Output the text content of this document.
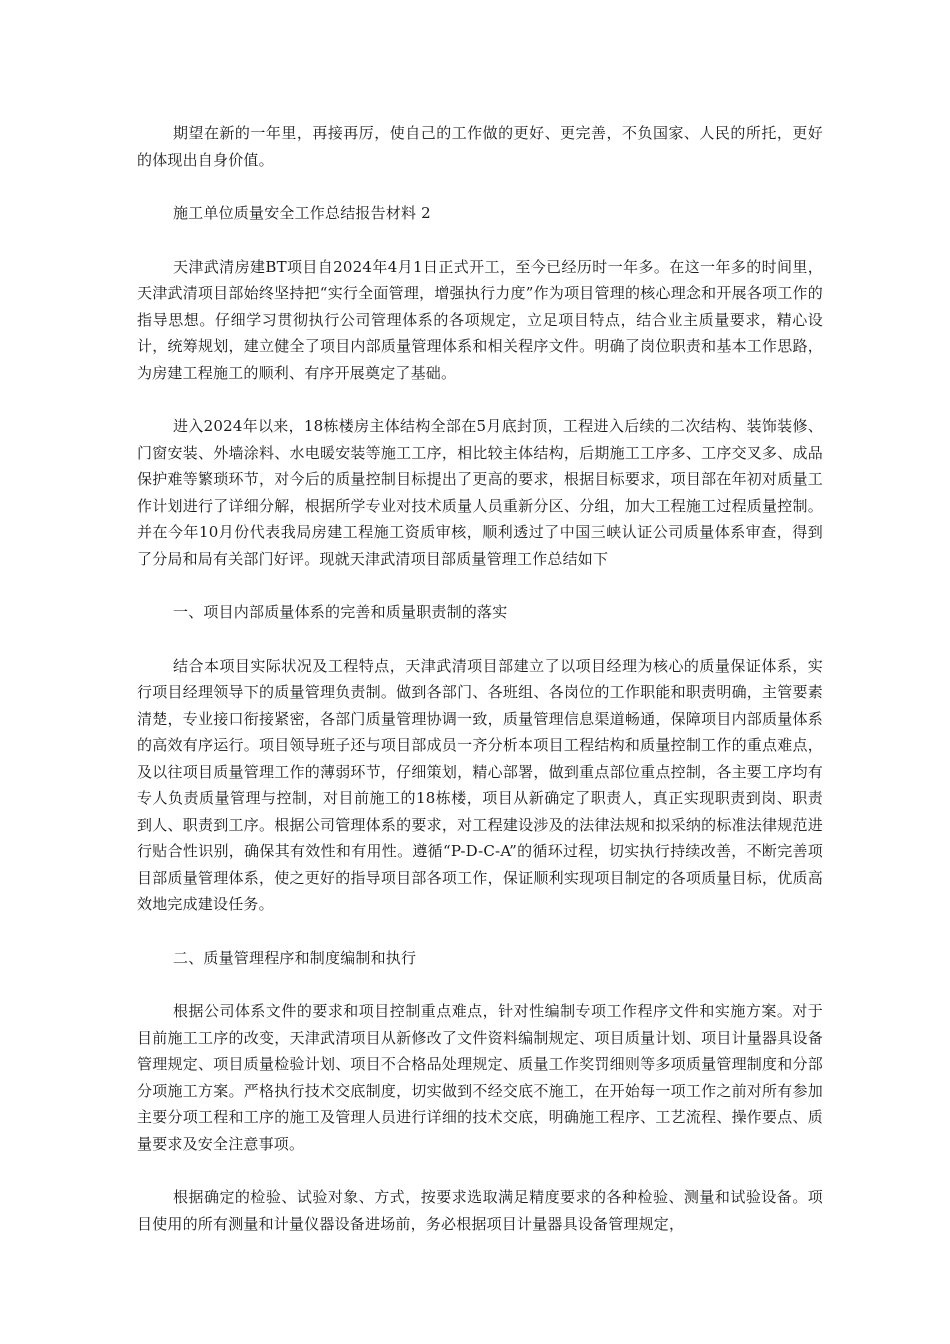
期望在新的一年里，再接再厉，使自己的工作做的更好、更完善，不负国家、人民的所托，更好的体现出自身价值。

施工单位质量安全工作总结报告材料 2

天津武清房建BT项目自2024年4月1日正式开工，至今已经历时一年多。在这一年多的时间里，天津武清项目部始终坚持把“实行全面管理，增强执行力度”作为项目管理的核心理念和开展各项工作的指导思想。仔细学习贯彻执行公司管理体系的各项规定，立足项目特点，结合业主质量要求，精心设计，统筹规划，建立健全了项目内部质量管理体系和相关程序文件。明确了岗位职责和基本工作思路，为房建工程施工的顺利、有序开展奠定了基础。

进入2024年以来，18栋楼房主体结构全部在5月底封顶，工程进入后续的二次结构、装饰装修、门窗安装、外墙涂料、水电暖安装等施工工序，相比较主体结构，后期施工工序多、工序交叉多、成品保护难等繁琐环节，对今后的质量控制目标提出了更高的要求，根据目标要求，项目部在年初对质量工作计划进行了详细分解，根据所学专业对技术质量人员重新分区、分组，加大工程施工过程质量控制。并在今年10月份代表我局房建工程施工资质审核，顺利透过了中国三峡认证公司质量体系审查，得到了分局和局有关部门好评。现就天津武清项目部质量管理工作总结如下

一、项目内部质量体系的完善和质量职责制的落实

结合本项目实际状况及工程特点，天津武清项目部建立了以项目经理为核心的质量保证体系，实行项目经理领导下的质量管理负责制。做到各部门、各班组、各岗位的工作职能和职责明确，主管要素清楚，专业接口衔接紧密，各部门质量管理协调一致，质量管理信息渠道畅通，保障项目内部质量体系的高效有序运行。项目领导班子还与项目部成员一齐分析本项目工程结构和质量控制工作的重点难点，及以往项目质量管理工作的薄弱环节，仔细策划，精心部署，做到重点部位重点控制，各主要工序均有专人负责质量管理与控制，对目前施工的18栋楼，项目从新确定了职责人，真正实现职责到岗、职责到人、职责到工序。根据公司管理体系的要求，对工程建设涉及的法律法规和拟采纳的标准法律规范进行贴合性识别，确保其有效性和有用性。遵循“P-D-C-A”的循环过程，切实执行持续改善，不断完善项目部质量管理体系，使之更好的指导项目部各项工作，保证顺利实现项目制定的各项质量目标，优质高效地完成建设任务。

二、质量管理程序和制度编制和执行

根据公司体系文件的要求和项目控制重点难点，针对性编制专项工作程序文件和实施方案。对于目前施工工序的改变，天津武清项目从新修改了文件资料编制规定、项目质量计划、项目计量器具设备管理规定、项目质量检验计划、项目不合格品处理规定、质量工作奖罚细则等多项质量管理制度和分部分项施工方案。严格执行技术交底制度，切实做到不经交底不施工，在开始每一项工作之前对所有参加主要分项工程和工序的施工及管理人员进行详细的技术交底，明确施工程序、工艺流程、操作要点、质量要求及安全注意事项。

根据确定的检验、试验对象、方式，按要求选取满足精度要求的各种检验、测量和试验设备。项目使用的所有测量和计量仪器设备进场前，务必根据项目计量器具设备管理规定，
